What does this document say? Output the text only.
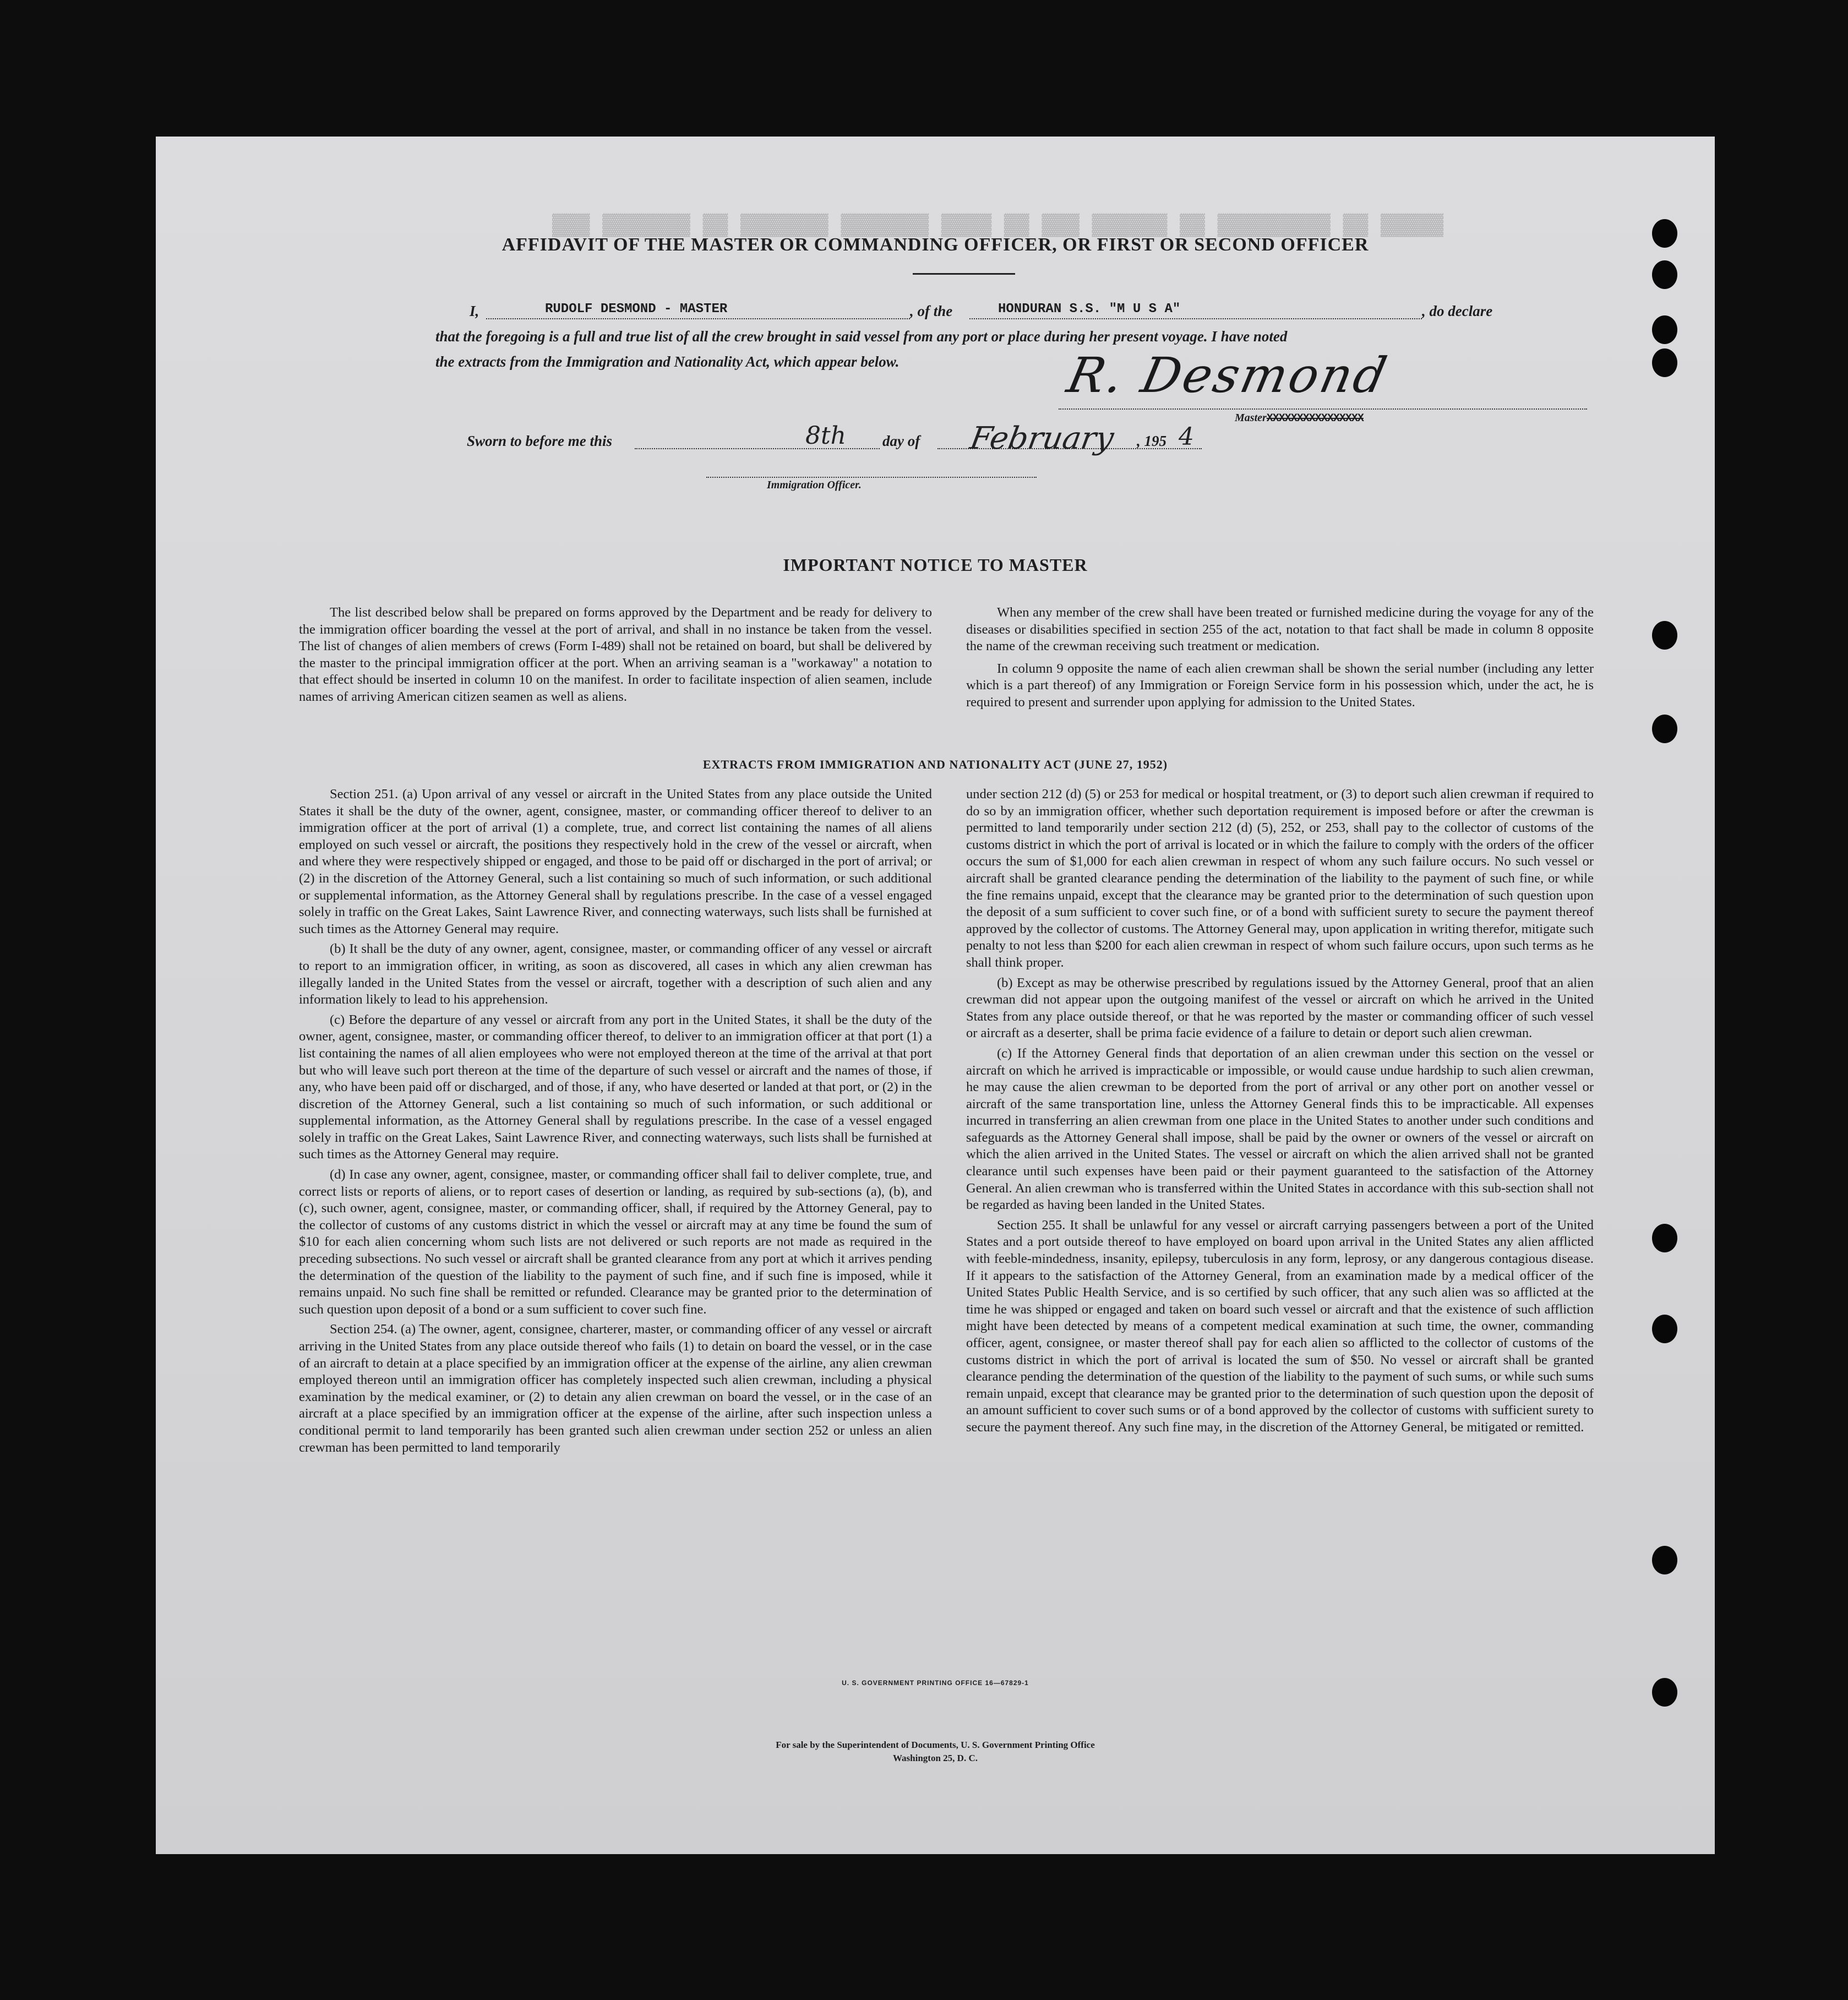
▓▓▓ ▓▓▓▓▓▓▓ ▓▓ ▓▓▓▓▓▓▓ ▓▓▓▓▓▓▓ ▓▓▓▓ ▓▓ ▓▓▓ ▓▓▓▓▓▓ ▓▓ ▓▓▓▓▓▓▓▓▓ ▓▓ ▓▓▓▓▓
AFFIDAVIT OF THE MASTER OR COMMANDING OFFICER, OR FIRST OR SECOND OFFICER
I,	RUDOLF DESMOND - MASTER	, of the	HONDURAN S.S. "M U S A"	, do declare
that the foregoing is a full and true list of all the crew brought in said vessel from any port or place during her present voyage. I have noted
the extracts from the Immigration and Nationality Act, which appear below.	R. Desmond
MasterXXXXXXXXXXXXXXXX
Sworn to before me this	8th day of February , 195 4
Immigration Officer.
IMPORTANT NOTICE TO MASTER

The list described below shall be prepared on forms approved by the Department and be ready for delivery to the immigration officer boarding the vessel at the port of arrival, and shall in no instance be taken from the vessel. The list of changes of alien members of crews (Form I-489) shall not be retained on board, but shall be delivered by the master to the principal immigration officer at the port. When an arriving seaman is a "workaway" a notation to that effect should be inserted in column 10 on the manifest. In order to facilitate inspection of alien seamen, include names of arriving American citizen seamen as well as aliens.

When any member of the crew shall have been treated or furnished medicine during the voyage for any of the diseases or disabilities specified in section 255 of the act, notation to that fact shall be made in column 8 opposite the name of the crewman receiving such treatment or medication.

In column 9 opposite the name of each alien crewman shall be shown the serial number (including any letter which is a part thereof) of any Immigration or Foreign Service form in his possession which, under the act, he is required to present and surrender upon applying for admission to the United States.

EXTRACTS FROM IMMIGRATION AND NATIONALITY ACT (JUNE 27, 1952)

Section 251. (a) Upon arrival of any vessel or aircraft in the United States from any place outside the United States it shall be the duty of the owner, agent, consignee, master, or commanding officer thereof to deliver to an immigration officer at the port of arrival (1) a complete, true, and correct list containing the names of all aliens employed on such vessel or aircraft, the positions they respectively hold in the crew of the vessel or aircraft, when and where they were respectively shipped or engaged, and those to be paid off or discharged in the port of arrival; or (2) in the discretion of the Attorney General, such a list containing so much of such information, or such additional or supplemental information, as the Attorney General shall by regulations prescribe. In the case of a vessel engaged solely in traffic on the Great Lakes, Saint Lawrence River, and connecting waterways, such lists shall be furnished at such times as the Attorney General may require.

(b) It shall be the duty of any owner, agent, consignee, master, or commanding officer of any vessel or aircraft to report to an immigration officer, in writing, as soon as discovered, all cases in which any alien crewman has illegally landed in the United States from the vessel or aircraft, together with a description of such alien and any information likely to lead to his apprehension.

(c) Before the departure of any vessel or aircraft from any port in the United States, it shall be the duty of the owner, agent, consignee, master, or commanding officer thereof, to deliver to an immigration officer at that port (1) a list containing the names of all alien employees who were not employed thereon at the time of the arrival at that port but who will leave such port thereon at the time of the departure of such vessel or aircraft and the names of those, if any, who have been paid off or discharged, and of those, if any, who have deserted or landed at that port, or (2) in the discretion of the Attorney General, such a list containing so much of such information, or such additional or supplemental information, as the Attorney General shall by regulations prescribe. In the case of a vessel engaged solely in traffic on the Great Lakes, Saint Lawrence River, and connecting waterways, such lists shall be furnished at such times as the Attorney General may require.

(d) In case any owner, agent, consignee, master, or commanding officer shall fail to deliver complete, true, and correct lists or reports of aliens, or to report cases of desertion or landing, as required by sub-sections (a), (b), and (c), such owner, agent, consignee, master, or commanding officer, shall, if required by the Attorney General, pay to the collector of customs of any customs district in which the vessel or aircraft may at any time be found the sum of $10 for each alien concerning whom such lists are not delivered or such reports are not made as required in the preceding subsections. No such vessel or aircraft shall be granted clearance from any port at which it arrives pending the determination of the question of the liability to the payment of such fine, and if such fine is imposed, while it remains unpaid. No such fine shall be remitted or refunded. Clearance may be granted prior to the determination of such question upon deposit of a bond or a sum sufficient to cover such fine.

Section 254. (a) The owner, agent, consignee, charterer, master, or commanding officer of any vessel or aircraft arriving in the United States from any place outside thereof who fails (1) to detain on board the vessel, or in the case of an aircraft to detain at a place specified by an immigration officer at the expense of the airline, any alien crewman employed thereon until an immigration officer has completely inspected such alien crewman, including a physical examination by the medical examiner, or (2) to detain any alien crewman on board the vessel, or in the case of an aircraft at a place specified by an immigration officer at the expense of the airline, after such inspection unless a conditional permit to land temporarily has been granted such alien crewman under section 252 or unless an alien crewman has been permitted to land temporarily

under section 212 (d) (5) or 253 for medical or hospital treatment, or (3) to deport such alien crewman if required to do so by an immigration officer, whether such deportation requirement is imposed before or after the crewman is permitted to land temporarily under section 212 (d) (5), 252, or 253, shall pay to the collector of customs of the customs district in which the port of arrival is located or in which the failure to comply with the orders of the officer occurs the sum of $1,000 for each alien crewman in respect of whom any such failure occurs. No such vessel or aircraft shall be granted clearance pending the determination of the liability to the payment of such fine, or while the fine remains unpaid, except that the clearance may be granted prior to the determination of such question upon the deposit of a sum sufficient to cover such fine, or of a bond with sufficient surety to secure the payment thereof approved by the collector of customs. The Attorney General may, upon application in writing therefor, mitigate such penalty to not less than $200 for each alien crewman in respect of whom such failure occurs, upon such terms as he shall think proper.

(b) Except as may be otherwise prescribed by regulations issued by the Attorney General, proof that an alien crewman did not appear upon the outgoing manifest of the vessel or aircraft on which he arrived in the United States from any place outside thereof, or that he was reported by the master or commanding officer of such vessel or aircraft as a deserter, shall be prima facie evidence of a failure to detain or deport such alien crewman.

(c) If the Attorney General finds that deportation of an alien crewman under this section on the vessel or aircraft on which he arrived is impracticable or impossible, or would cause undue hardship to such alien crewman, he may cause the alien crewman to be deported from the port of arrival or any other port on another vessel or aircraft of the same transportation line, unless the Attorney General finds this to be impracticable. All expenses incurred in transferring an alien crewman from one place in the United States to another under such conditions and safeguards as the Attorney General shall impose, shall be paid by the owner or owners of the vessel or aircraft on which the alien arrived in the United States. The vessel or aircraft on which the alien arrived shall not be granted clearance until such expenses have been paid or their payment guaranteed to the satisfaction of the Attorney General. An alien crewman who is transferred within the United States in accordance with this sub-section shall not be regarded as having been landed in the United States.

Section 255. It shall be unlawful for any vessel or aircraft carrying passengers between a port of the United States and a port outside thereof to have employed on board upon arrival in the United States any alien afflicted with feeble-mindedness, insanity, epilepsy, tuberculosis in any form, leprosy, or any dangerous contagious disease. If it appears to the satisfaction of the Attorney General, from an examination made by a medical officer of the United States Public Health Service, and is so certified by such officer, that any such alien was so afflicted at the time he was shipped or engaged and taken on board such vessel or aircraft and that the existence of such affliction might have been detected by means of a competent medical examination at such time, the owner, commanding officer, agent, consignee, or master thereof shall pay for each alien so afflicted to the collector of customs of the customs district in which the port of arrival is located the sum of $50. No vessel or aircraft shall be granted clearance pending the determination of the question of the liability to the payment of such sums, or while such sums remain unpaid, except that clearance may be granted prior to the determination of such question upon the deposit of an amount sufficient to cover such sums or of a bond approved by the collector of customs with sufficient surety to secure the payment thereof. Any such fine may, in the discretion of the Attorney General, be mitigated or remitted.

U. S. GOVERNMENT PRINTING OFFICE 16—67829-1
For sale by the Superintendent of Documents, U. S. Government Printing Office
Washington 25, D. C.
